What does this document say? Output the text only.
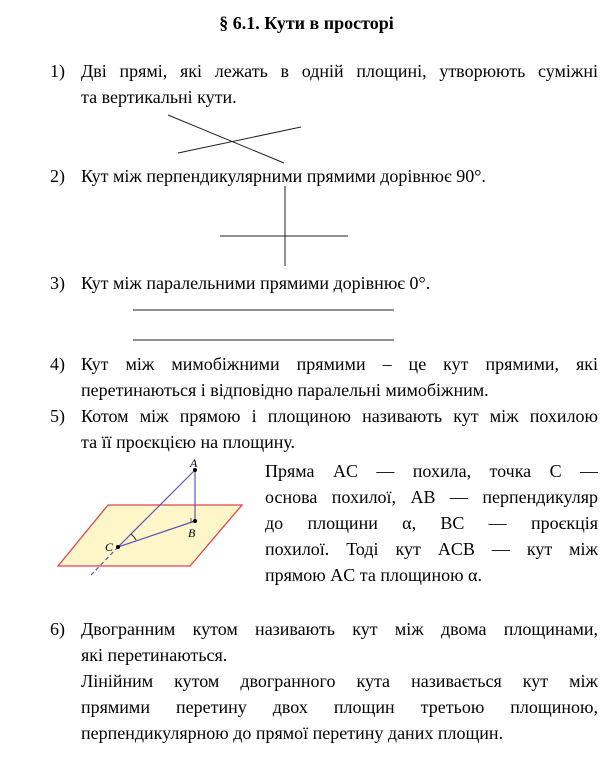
§ 6.1. Кути в просторі
1) Дві прямі, які лежать в одній площині, утворюють суміжні
та вертикальні кути.
2) Кут між перпендикулярними прямими дорівнює 90°.
3) Кут між паралельними прямими дорівнює 0°.
4) Кут між мимобіжними прямими – це кут прямими, які
перетинаються і відповідно паралельні мимобіжним.
5) Котом між прямою і площиною називають кут між похилою
та її проєкцією на площину.
A
B
C
Пряма AC — похила, точка C —
основа похилої, AB — перпендикуляр
до площини α, BC — проєкція
похилої. Тоді кут ACB — кут між
прямою AC та площиною α.
6) Двогранним кутом називають кут між двома площинами,
які перетинаються.
Лінійним кутом двогранного кута називається кут між
прямими перетину двох площин третьою площиною,
перпендикулярною до прямої перетину даних площин.
